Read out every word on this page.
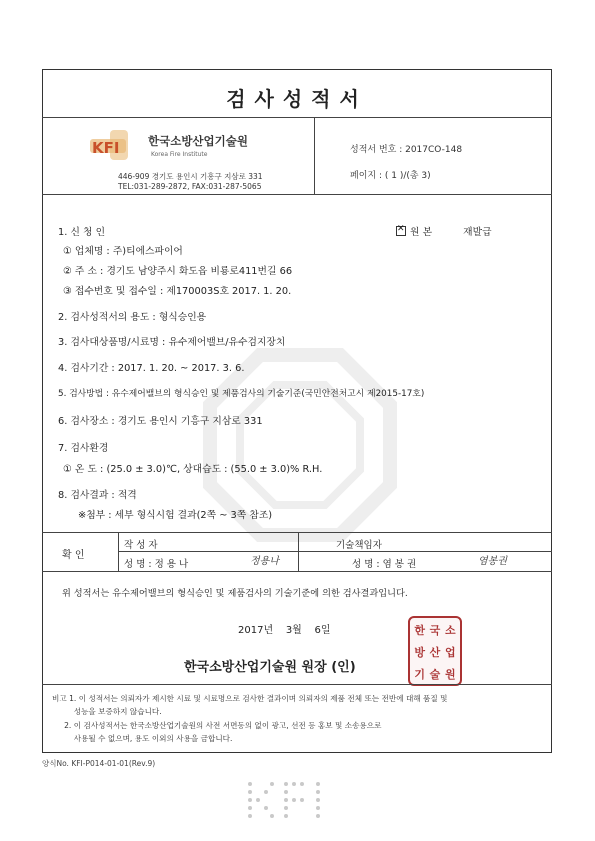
검사성적서
KFI 한국소방산업기술원
Korea Fire Institute
446-909 경기도 용인시 기흥구 지삼로 331
TEL:031-289-2872, FAX:031-287-5065
성적서 번호 : 2017CO-148
페이지 : ( 1 )/(총 3)
1. 신 청 인	✕ 원 본	재발급
① 업체명 : 주)티에스파이어
② 주 소 : 경기도 남양주시 화도읍 비룡로411번길 66
③ 접수번호 및 접수일 : 제170003S호 2017. 1. 20.
2. 검사성적서의 용도 : 형식승인용
3. 검사대상품명/시료명 : 유수제어밸브/유수검지장치
4. 검사기간 : 2017. 1. 20. ~ 2017. 3. 6.
5. 검사방법 : 유수제어밸브의 형식승인 및 제품검사의 기술기준(국민안전처고시 제2015-17호)
6. 검사장소 : 경기도 용인시 기흥구 지삼로 331
7. 검사환경
① 온 도 : (25.0 ± 3.0)℃, 상대습도 : (55.0 ± 3.0)% R.H.
8. 검사결과 : 적격
※첨부 : 세부 형식시험 결과(2쪽 ~ 3쪽 참조)
확 인
작 성 자
성 명 : 정 용 나	정용나
기술책임자
성 명 : 염 봉 권	염봉권
위 성적서는 유수제어밸브의 형식승인 및 제품검사의 기술기준에 의한 검사결과입니다.
2017년    3월    6일
한국소방산업기술원 원장 (인)
한 국 소
방 산 업
기 술 원
비고 1. 이 성적서는 의뢰자가 제시한 시료 및 시료명으로 검사한 결과이며 의뢰자의 제품 전체 또는 전반에 대해 품질 및
성능을 보증하지 않습니다.
2. 이 검사성적서는 한국소방산업기술원의 사전 서면동의 없이 광고, 선전 등 홍보 및 소송용으로
사용될 수 없으며, 용도 이외의 사용을 금합니다.
양식No. KFI-P014-01-01(Rev.9)
